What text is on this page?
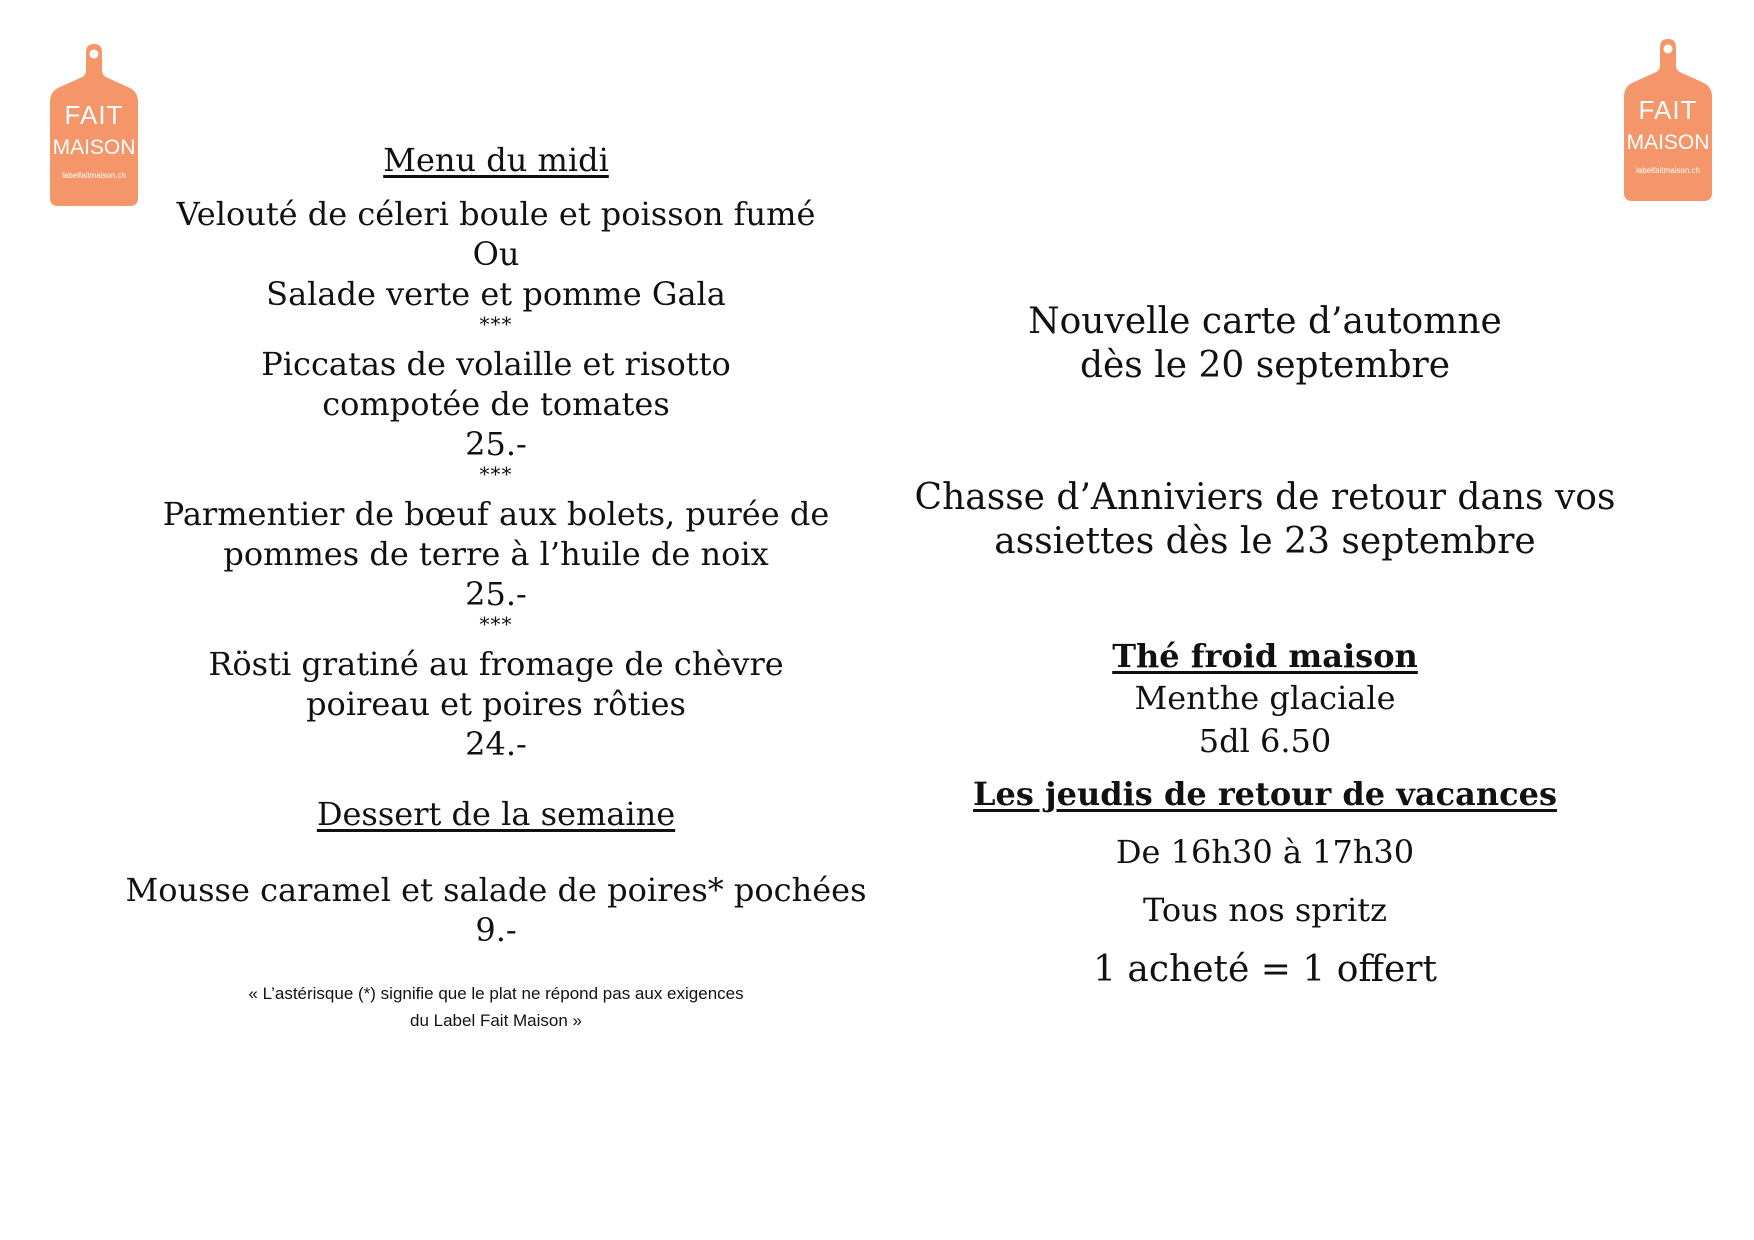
FAIT
MAISON
labelfaitmaison.ch
FAIT
MAISON
labelfaitmaison.ch
Menu du midi
Velouté de céleri boule et poisson fumé
Ou
Salade verte et pomme Gala
***
Piccatas de volaille et risotto
compotée de tomates
25.-
***
Parmentier de bœuf aux bolets, purée de
pommes de terre à l’huile de noix
25.-
***
Rösti gratiné au fromage de chèvre
poireau et poires rôties
24.-
Dessert de la semaine
Mousse caramel et salade de poires* pochées
9.-
« L’astérisque (*) signifie que le plat ne répond pas aux exigences
du Label Fait Maison »
Nouvelle carte d’automne
dès le 20 septembre
Chasse d’Anniviers de retour dans vos
assiettes dès le 23 septembre
Thé froid maison
Menthe glaciale
5dl 6.50
Les jeudis de retour de vacances
De 16h30 à 17h30
Tous nos spritz
1 acheté = 1 offert
